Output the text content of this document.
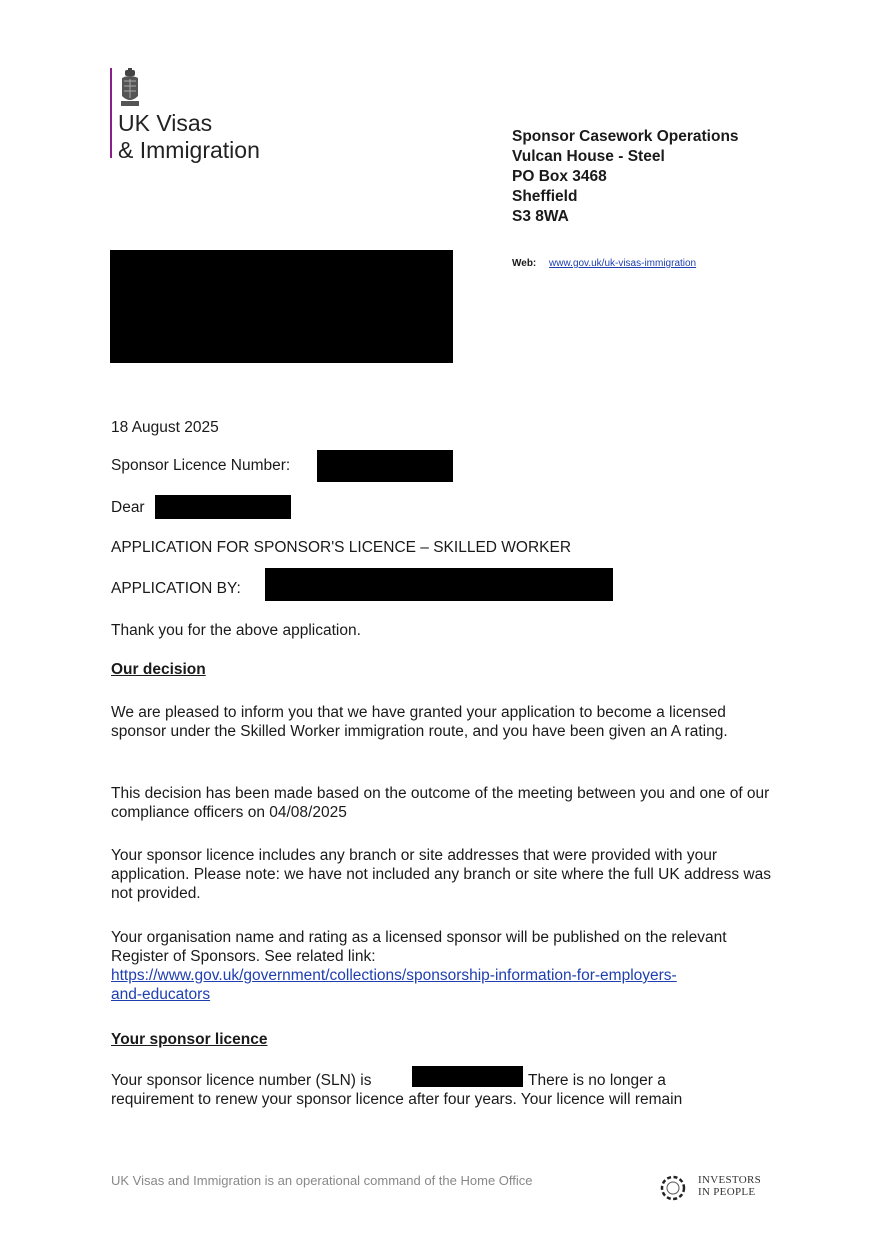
UK Visas
& Immigration
Sponsor Casework Operations
Vulcan House - Steel
PO Box 3468
Sheffield
S3 8WA
Web: www.gov.uk/uk-visas-immigration
18 August 2025
Sponsor Licence Number:
Dear
APPLICATION FOR SPONSOR'S LICENCE – SKILLED WORKER
APPLICATION BY:
Thank you for the above application.
Our decision
We are pleased to inform you that we have granted your application to become a licensed sponsor under the Skilled Worker immigration route, and you have been given an A rating.
This decision has been made based on the outcome of the meeting between you and one of our compliance officers on 04/08/2025
Your sponsor licence includes any branch or site addresses that were provided with your application. Please note: we have not included any branch or site where the full UK address was not provided.
Your organisation name and rating as a licensed sponsor will be published on the relevant Register of Sponsors. See related link:
https://www.gov.uk/government/collections/sponsorship-information-for-employers-
and-educators
Your sponsor licence
Your sponsor licence number (SLN) is	There is no longer a
requirement to renew your sponsor licence after four years. Your licence will remain
UK Visas and Immigration is an operational command of the Home Office	INVESTORS
IN PEOPLE
